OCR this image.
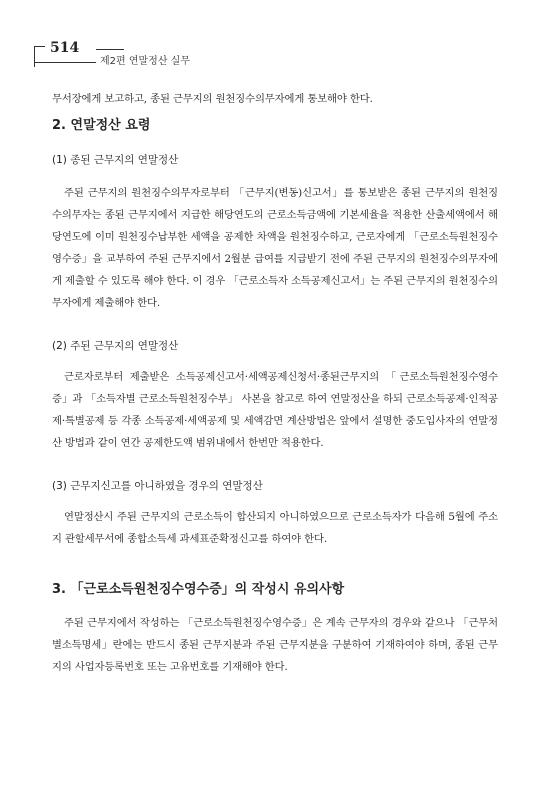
514
제2편 연말정산 실무

무서장에게 보고하고, 종된 근무지의 원천징수의무자에게 통보해야 한다.

2. 연말정산 요령
(1) 종된 근무지의 연말정산

주된 근무지의 원천징수의무자로부터 「근무지(변동)신고서」를 통보받은 종된 근무지의 원천징수의무자는 종된 근무지에서 지급한 해당연도의 근로소득금액에 기본세율을 적용한 산출세액에서 해당연도에 이미 원천징수납부한 세액을 공제한 차액을 원천징수하고, 근로자에게 「근로소득원천징수영수증」을 교부하여 주된 근무지에서 2월분 급여를 지급받기 전에 주된 근무지의 원천징수의무자에게 제출할 수 있도록 해야 한다. 이 경우 「근로소득자 소득공제신고서」는 주된 근무지의 원천징수의무자에게 제출해야 한다.

(2) 주된 근무지의 연말정산

근로자로부터 제출받은 소득공제신고서·세액공제신청서·종된근무지의 「근로소득원천징수영수증」과 「소득자별 근로소득원천징수부」 사본을 참고로 하여 연말정산을 하되 근로소득공제·인적공제·특별공제 등 각종 소득공제·세액공제 및 세액감면 계산방법은 앞에서 설명한 중도입사자의 연말정산 방법과 같이 연간 공제한도액 범위내에서 한번만 적용한다.

(3) 근무지신고를 아니하였을 경우의 연말정산

연말정산시 주된 근무지의 근로소득이 합산되지 아니하였으므로 근로소득자가 다음해 5월에 주소지 관할세무서에 종합소득세 과세표준확정신고를 하여야 한다.

3. 「근로소득원천징수영수증」의 작성시 유의사항

주된 근무지에서 작성하는 「근로소득원천징수영수증」은 계속 근무자의 경우와 같으나 「근무처별소득명세」란에는 반드시 종된 근무지분과 주된 근무지분을 구분하여 기재하여야 하며, 종된 근무지의 사업자등록번호 또는 고유번호를 기재해야 한다.
